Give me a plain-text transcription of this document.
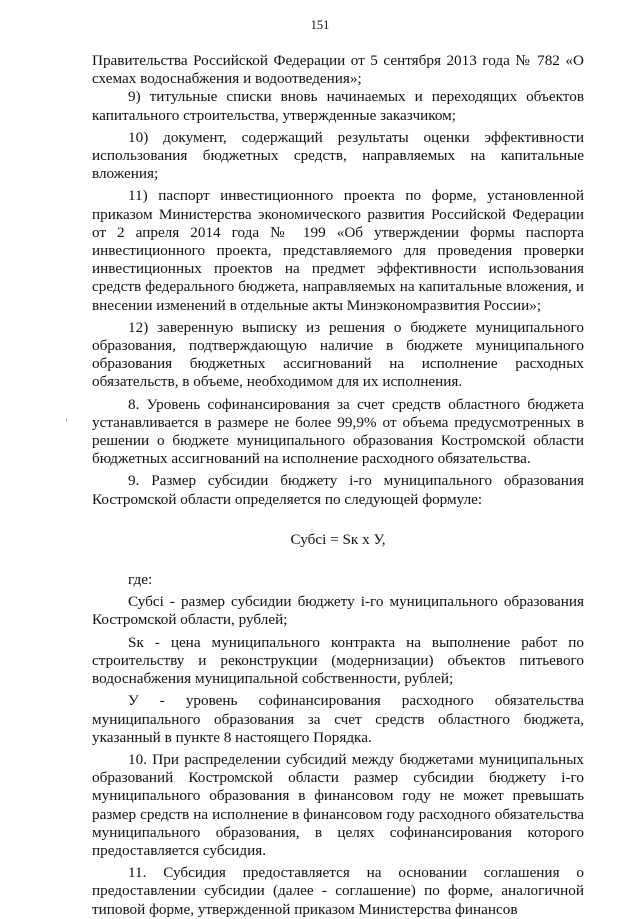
151

Правительства Российской Федерации от 5 сентября 2013 года № 782 «О схемах водоснабжения и водоотведения»;

9) титульные списки вновь начинаемых и переходящих объектов капитального строительства, утвержденные заказчиком;

10) документ, содержащий результаты оценки эффективности использования бюджетных средств, направляемых на капитальные вложения;

11) паспорт инвестиционного проекта по форме, установленной приказом Министерства экономического развития Российской Федерации от 2 апреля 2014 года № 199 «Об утверждении формы паспорта инвестиционного проекта, представляемого для проведения проверки инвестиционных проектов на предмет эффективности использования средств федерального бюджета, направляемых на капитальные вложения, и внесении изменений в отдельные акты Минэкономразвития России»;

12) заверенную выписку из решения о бюджете муниципального образования, подтверждающую наличие в бюджете муниципального образования бюджетных ассигнований на исполнение расходных обязательств, в объеме, необходимом для их исполнения.

8. Уровень софинансирования за счет средств областного бюджета устанавливается в размере не более 99,9% от объема предусмотренных в решении о бюджете муниципального образования Костромской области бюджетных ассигнований на исполнение расходного обязательства.

9. Размер субсидии бюджету i-го муниципального образования Костромской области определяется по следующей формуле:

Субсi = Sк х У,

где:

Субсi - размер субсидии бюджету i-го муниципального образования Костромской области, рублей;

Sк - цена муниципального контракта на выполнение работ по строительству и реконструкции (модернизации) объектов питьевого водоснабжения муниципальной собственности, рублей;

У - уровень софинансирования расходного обязательства муниципального образования за счет средств областного бюджета, указанный в пункте 8 настоящего Порядка.

10. При распределении субсидий между бюджетами муниципальных образований Костромской области размер субсидии бюджету i-го муниципального образования в финансовом году не может превышать размер средств на исполнение в финансовом году расходного обязательства муниципального образования, в целях софинансирования которого предоставляется субсидия.

11. Субсидия предоставляется на основании соглашения о предоставлении субсидии (далее - соглашение) по форме, аналогичной типовой форме, утвержденной приказом Министерства финансов
